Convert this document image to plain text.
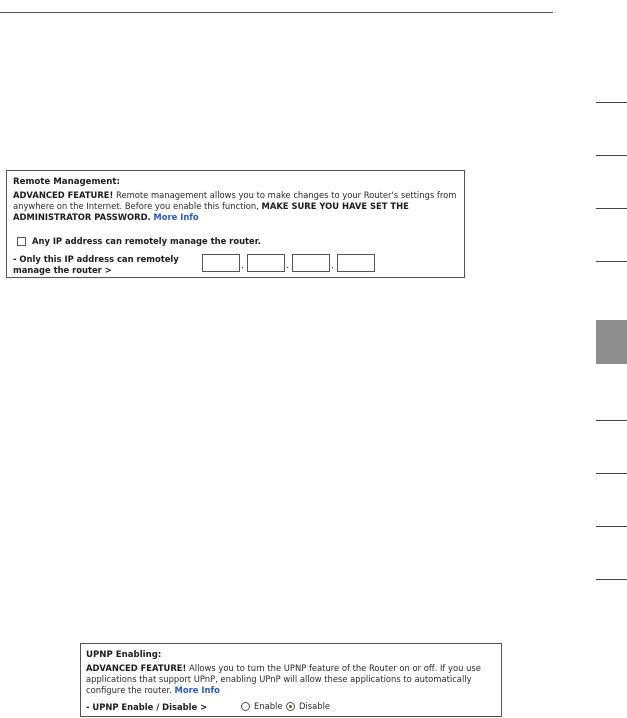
Remote Management:
ADVANCED FEATURE! Remote management allows you to make changes to your Router's settings from anywhere on the Internet. Before you enable this function, MAKE SURE YOU HAVE SET THE ADMINISTRATOR PASSWORD. More Info
Any IP address can remotely manage the router.
- Only this IP address can remotely
manage the router >	.	.	.
UPNP Enabling:
ADVANCED FEATURE! Allows you to turn the UPNP feature of the Router on or off. If you use applications that support UPnP, enabling UPnP will allow these applications to automatically configure the router. More Info
- UPNP Enable / Disable >	Enable Disable
